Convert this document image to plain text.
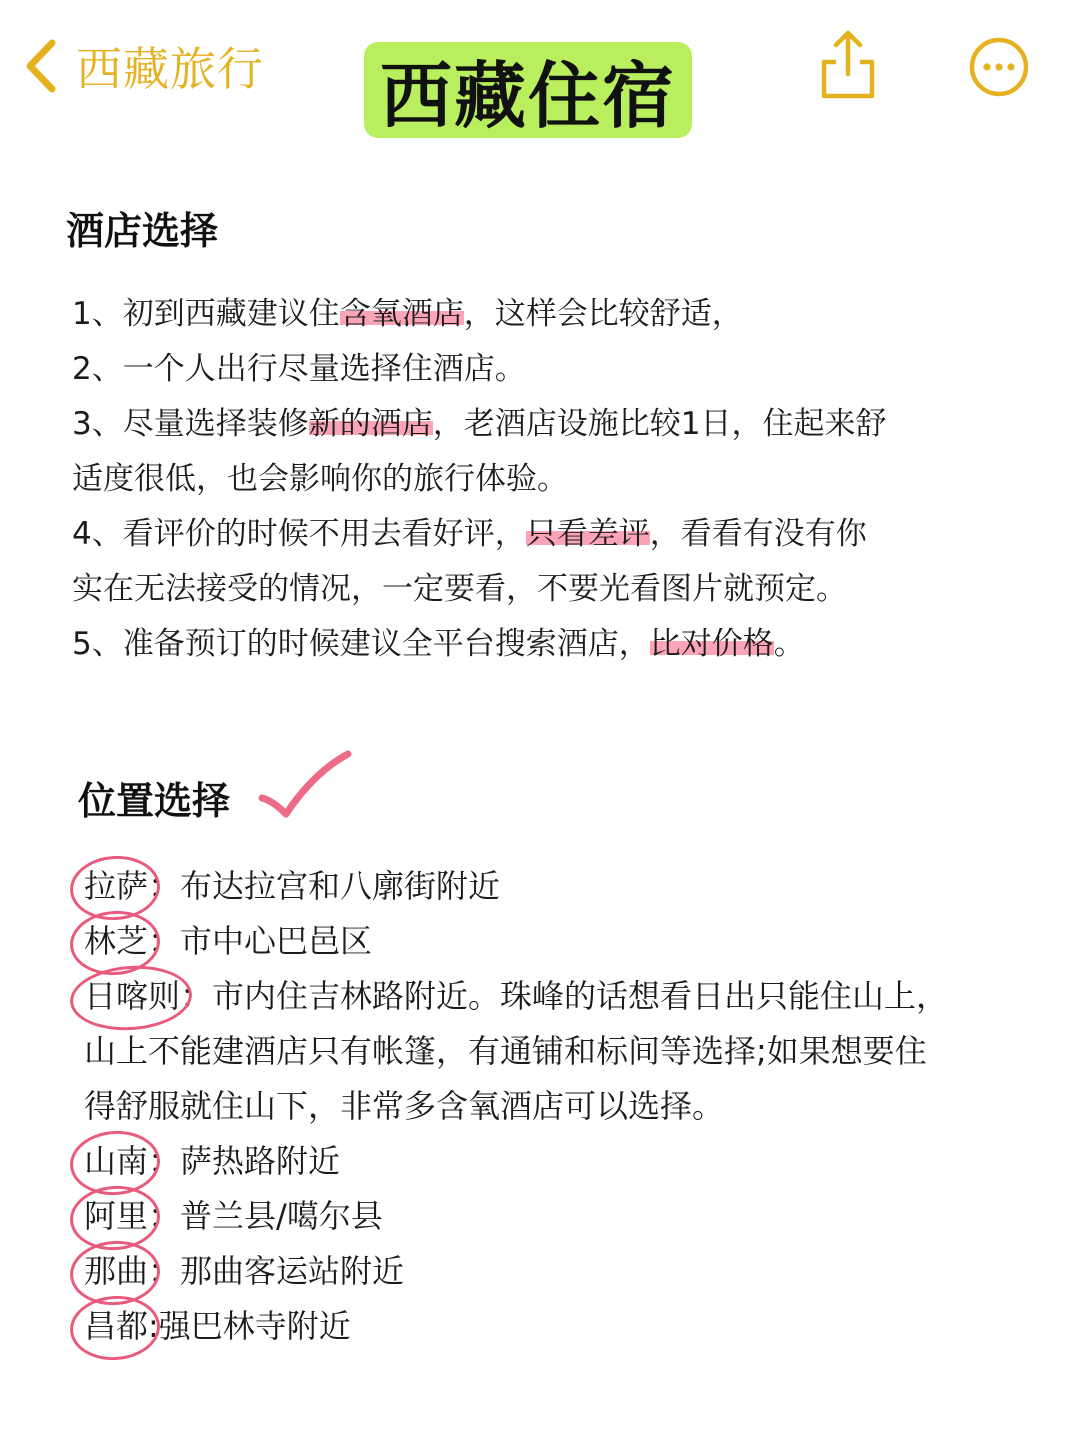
西藏旅行 西藏住宿
酒店选择
1、初到西藏建议住含氧酒店，这样会比较舒适，
2、一个人出行尽量选择住酒店。
3、尽量选择装修新的酒店，老酒店设施比较1日，住起来舒
适度很低，也会影响你的旅行体验。
4、看评价的时候不用去看好评，只看差评，看看有没有你
实在无法接受的情况，一定要看，不要光看图片就预定。
5、准备预订的时候建议全平台搜索酒店，比对价格。
位置选择
拉萨：布达拉宫和八廓街附近
林芝：市中心巴邑区
日喀则：市内住吉林路附近。珠峰的话想看日出只能住山上，
山上不能建酒店只有帐篷，有通铺和标间等选择;如果想要住
得舒服就住山下，非常多含氧酒店可以选择。
山南：萨热路附近
阿里：普兰县/噶尔县
那曲：那曲客运站附近
昌都:强巴林寺附近
